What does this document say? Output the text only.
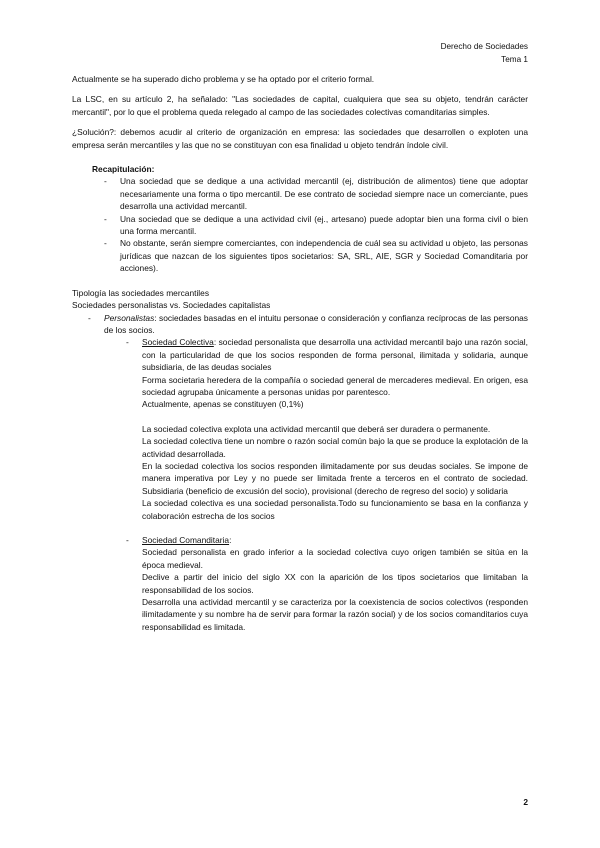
Derecho de Sociedades
Tema 1

Actualmente se ha superado dicho problema y se ha optado por el criterio formal.

La LSC, en su artículo 2, ha señalado: "Las sociedades de capital, cualquiera que sea su objeto, tendrán carácter mercantil", por lo que el problema queda relegado al campo de las sociedades colectivas comanditarias simples.

¿Solución?: debemos acudir al criterio de organización en empresa: las sociedades que desarrollen o exploten una empresa serán mercantiles y las que no se constituyan con esa finalidad u objeto tendrán índole civil.

Recapitulación:
-	Una sociedad que se dedique a una actividad mercantil (ej, distribución de alimentos) tiene que adoptar necesariamente una forma o tipo mercantil. De ese contrato de sociedad siempre nace un comerciante, pues desarrolla una actividad mercantil.
-	Una sociedad que se dedique a una actividad civil (ej., artesano) puede adoptar bien una forma civil o bien una forma mercantil.
-	No obstante, serán siempre comerciantes, con independencia de cuál sea su actividad u objeto, las personas jurídicas que nazcan de los siguientes tipos societarios: SA, SRL, AIE, SGR y Sociedad Comanditaria por acciones).

Tipología las sociedades mercantiles

Sociedades personalistas vs. Sociedades capitalistas

-	Personalistas: sociedades basadas en el intuitu personae o consideración y confianza recíprocas de las personas de los socios.
-	Sociedad Colectiva: sociedad personalista que desarrolla una actividad mercantil bajo una razón social, con la particularidad de que los socios responden de forma personal, ilimitada y solidaria, aunque subsidiaria, de las deudas sociales

Forma societaria heredera de la compañía o sociedad general de mercaderes medieval. En origen, esa sociedad agrupaba únicamente a personas unidas por parentesco.

Actualmente, apenas se constituyen (0,1%)

La sociedad colectiva explota una actividad mercantil que deberá ser duradera o permanente.

La sociedad colectiva tiene un nombre o razón social común bajo la que se produce la explotación de la actividad desarrollada.

En la sociedad colectiva los socios responden ilimitadamente por sus deudas sociales. Se impone de manera imperativa por Ley y no puede ser limitada frente a terceros en el contrato de sociedad. Subsidiaria (beneficio de excusión del socio), provisional (derecho de regreso del socio) y solidaria

La sociedad colectiva es una sociedad personalista.Todo su funcionamiento se basa en la confianza y colaboración estrecha de los socios

-	Sociedad Comanditaria:

Sociedad personalista en grado inferior a la sociedad colectiva cuyo origen también se sitúa en la época medieval.

Declive a partir del inicio del siglo XX con la aparición de los tipos societarios que limitaban la responsabilidad de los socios.

Desarrolla una actividad mercantil y se caracteriza por la coexistencia de socios colectivos (responden ilimitadamente y su nombre ha de servir para formar la razón social) y de los socios comanditarios cuya responsabilidad es limitada.

2
